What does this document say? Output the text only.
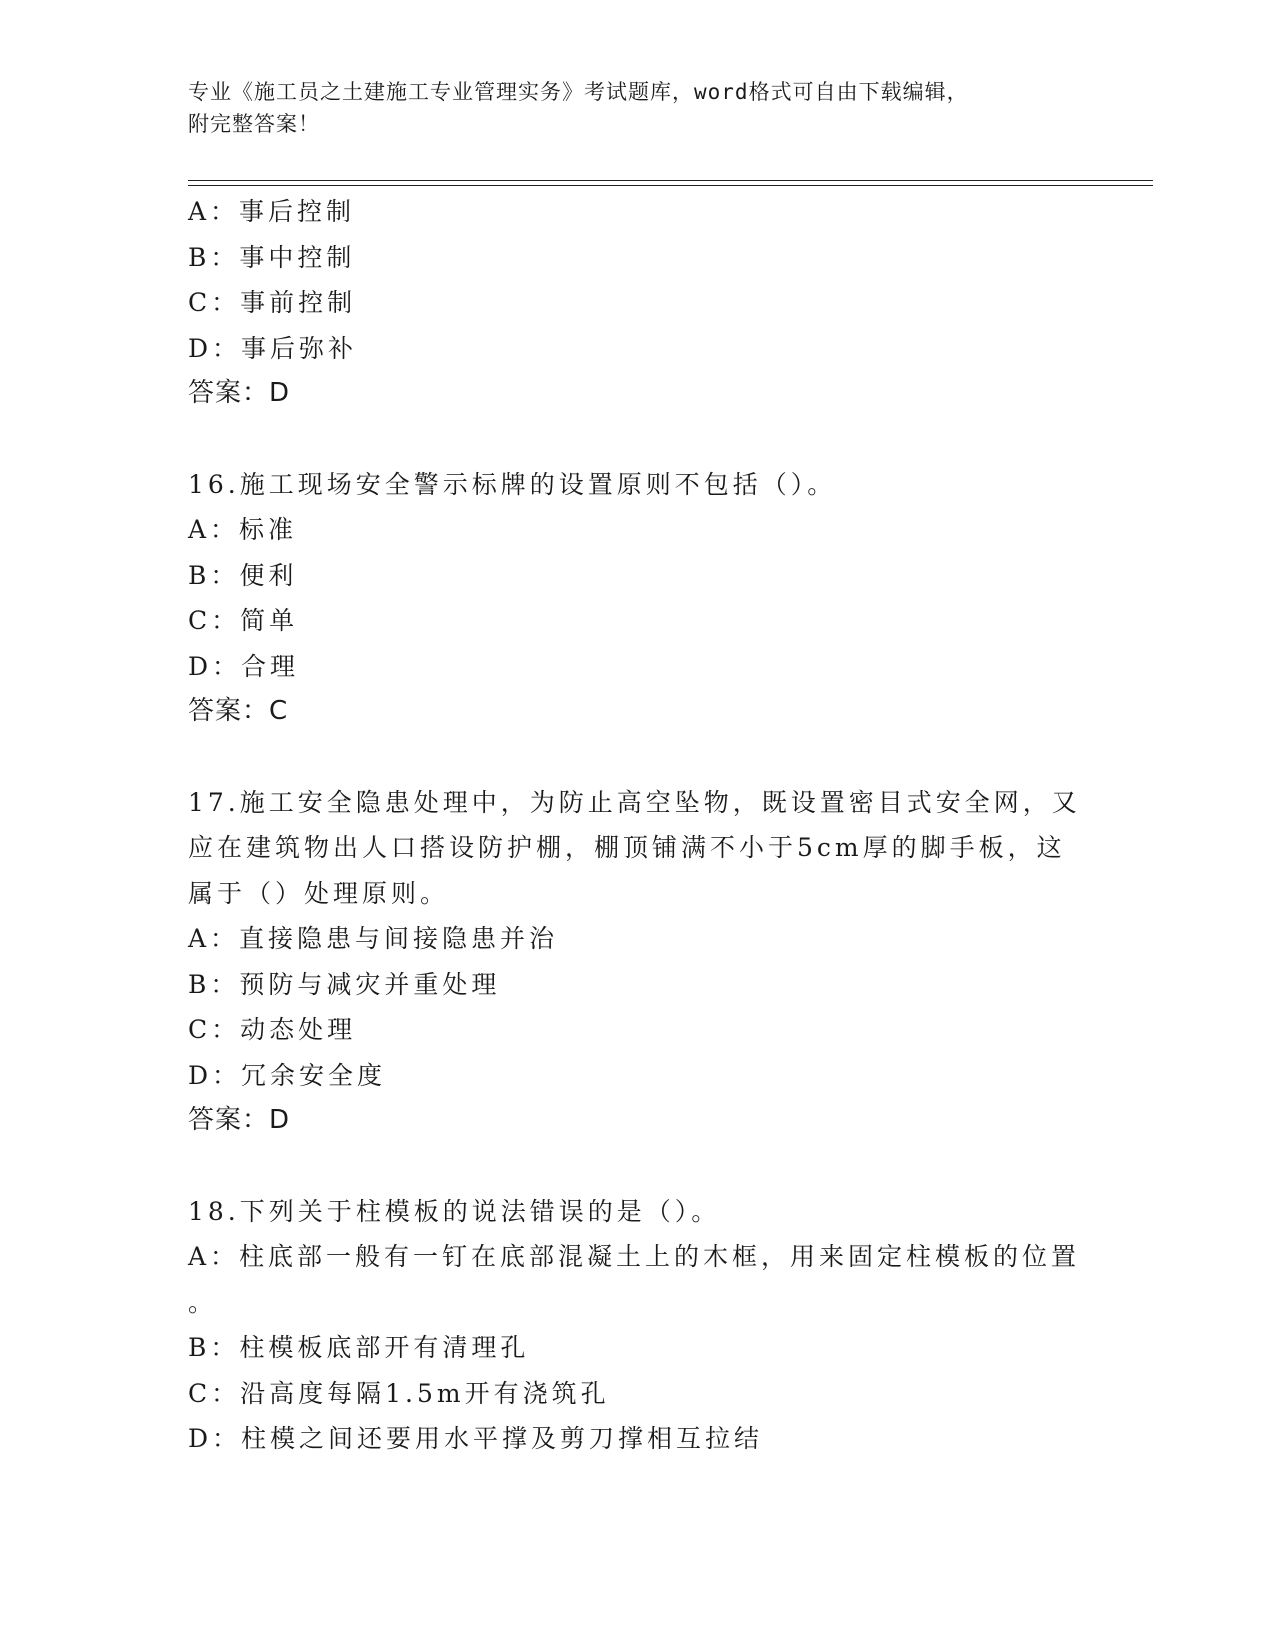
专业《施工员之土建施工专业管理实务》考试题库，word格式可自由下载编辑，
附完整答案！
A：事后控制
B：事中控制
C：事前控制
D：事后弥补
答案：D
16.施工现场安全警示标牌的设置原则不包括（）。
A：标准
B：便利
C：简单
D：合理
答案：C
17.施工安全隐患处理中，为防止高空坠物，既设置密目式安全网，又
应在建筑物出人口搭设防护棚，棚顶铺满不小于5cm厚的脚手板，这
属于（）处理原则。
A：直接隐患与间接隐患并治
B：预防与减灾并重处理
C：动态处理
D：冗余安全度
答案：D
18.下列关于柱模板的说法错误的是（）。
A：柱底部一般有一钉在底部混凝土上的木框，用来固定柱模板的位置
。
B：柱模板底部开有清理孔
C：沿高度每隔1.5m开有浇筑孔
D：柱模之间还要用水平撑及剪刀撑相互拉结
